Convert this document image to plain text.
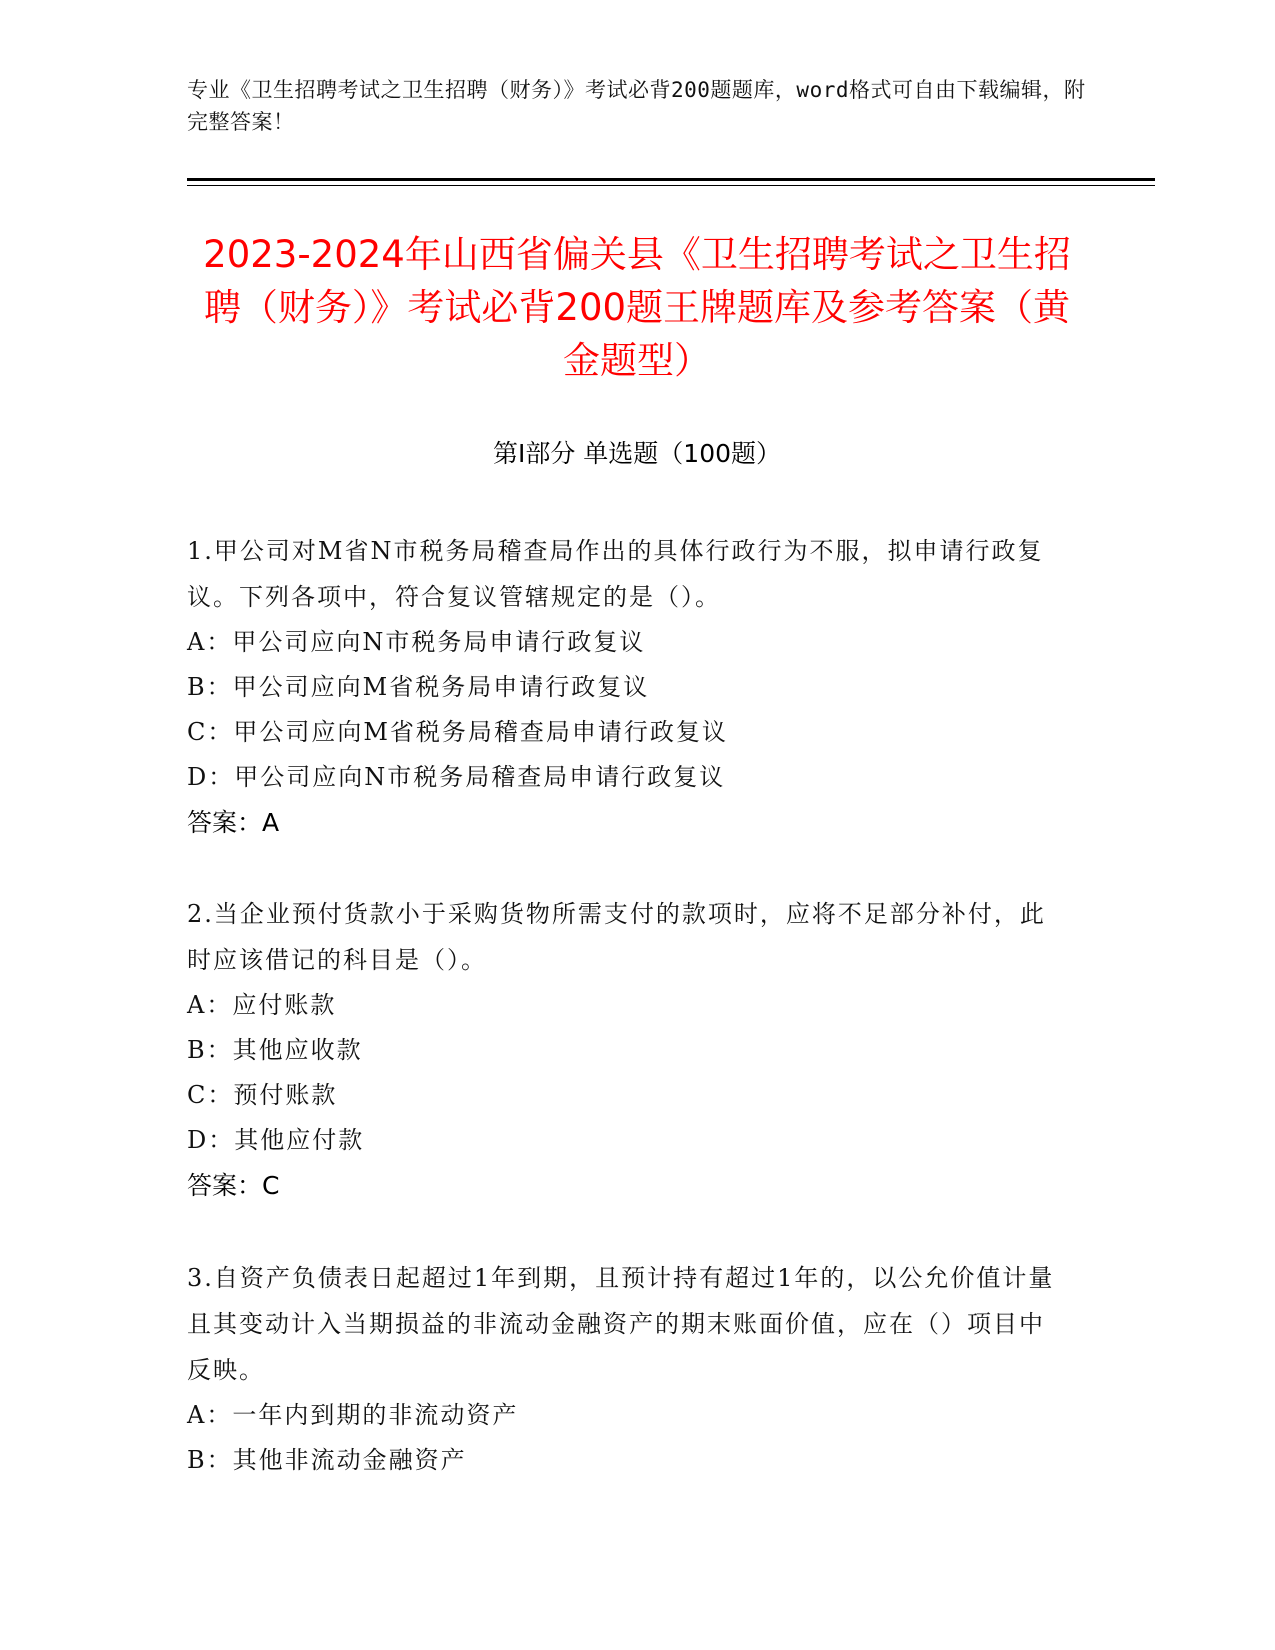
专业《卫生招聘考试之卫生招聘（财务）》考试必背200题题库，word格式可自由下载编辑，附完整答案！
2023-2024年山西省偏关县《卫生招聘考试之卫生招聘（财务）》考试必背200题王牌题库及参考答案（黄金题型）
第Ⅰ部分 单选题（100题）

1.甲公司对M省N市税务局稽查局作出的具体行政行为不服，拟申请行政复议。下列各项中，符合复议管辖规定的是（）。

A：甲公司应向N市税务局申请行政复议

B：甲公司应向M省税务局申请行政复议

C：甲公司应向M省税务局稽查局申请行政复议

D：甲公司应向N市税务局稽查局申请行政复议

答案：A

2.当企业预付货款小于采购货物所需支付的款项时，应将不足部分补付，此时应该借记的科目是（）。

A：应付账款

B：其他应收款

C：预付账款

D：其他应付款

答案：C

3.自资产负债表日起超过1年到期，且预计持有超过1年的，以公允价值计量且其变动计入当期损益的非流动金融资产的期末账面价值，应在（）项目中反映。

A：一年内到期的非流动资产

B：其他非流动金融资产
